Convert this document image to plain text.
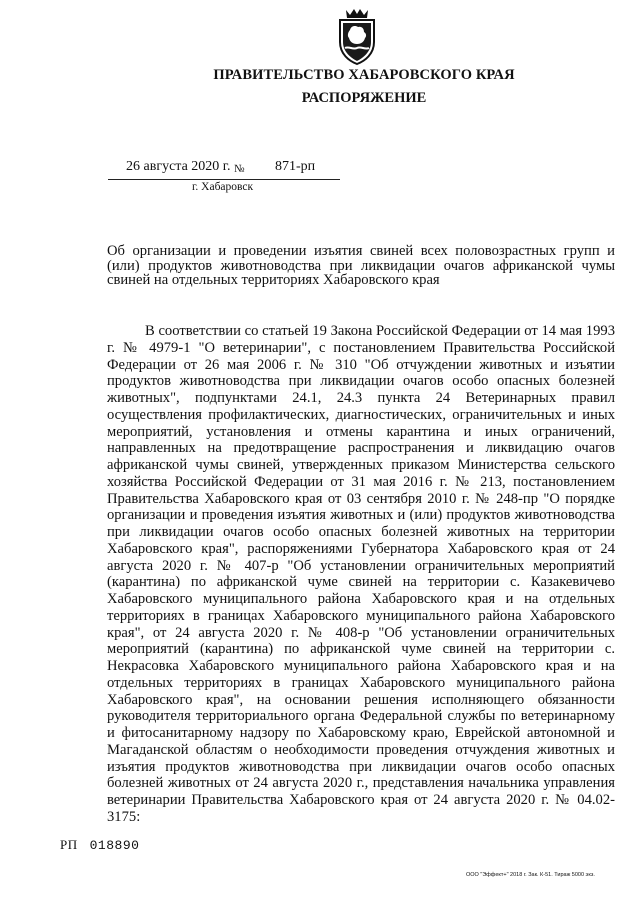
ПРАВИТЕЛЬСТВО ХАБАРОВСКОГО КРАЯ
РАСПОРЯЖЕНИЕ
26 августа 2020 г. № 871-рп
г. Хабаровск

Об организации и проведении изъятия свиней всех половозрастных групп и (или) продуктов животноводства при ликвидации очагов африканской чумы свиней на отдельных территориях Хабаровского края

В соответствии со статьей 19 Закона Российской Федерации от 14 мая 1993 г. № 4979-1 "О ветеринарии", с постановлением Правительства Российской Федерации от 26 мая 2006 г. № 310 "Об отчуждении животных и изъятии продуктов животноводства при ликвидации очагов особо опасных болезней животных", подпунктами 24.1, 24.3 пункта 24 Ветеринарных правил осуществления профилактических, диагностических, ограничительных и иных мероприятий, установления и отмены карантина и иных ограничений, направленных на предотвращение распространения и ликвидацию очагов африканской чумы свиней, утвержденных приказом Министерства сельского хозяйства Российской Федерации от 31 мая 2016 г. № 213, постановлением Правительства Хабаровского края от 03 сентября 2010 г. № 248-пр "О порядке организации и проведения изъятия животных и (или) продуктов животноводства при ликвидации очагов особо опасных болезней животных на территории Хабаровского края", распоряжениями Губернатора Хабаровского края от 24 августа 2020 г. № 407-р "Об установлении ограничительных мероприятий (карантина) по африканской чуме свиней на территории с. Казакевичево Хабаровского муниципального района Хабаровского края и на отдельных территориях в границах Хабаровского муниципального района Хабаровского края", от 24 августа 2020 г. № 408-р "Об установлении ограничительных мероприятий (карантина) по африканской чуме свиней на территории с. Некрасовка Хабаровского муниципального района Хабаровского края и на отдельных территориях в границах Хабаровского муниципального района Хабаровского края", на основании решения исполняющего обязанности руководителя территориального органа Федеральной службы по ветеринарному и фитосанитарному надзору по Хабаровскому краю, Еврейской автономной и Магаданской областям о необходимости проведения отчуждения животных и изъятия продуктов животноводства при ликвидации очагов особо опасных болезней животных от 24 августа 2020 г., представления начальника управления ветеринарии Правительства Хабаровского края от 24 августа 2020 г. № 04.02-3175:

РП 018890
ООО "Эффект+" 2018 г. Зак. К-51. Тираж 5000 экз.
